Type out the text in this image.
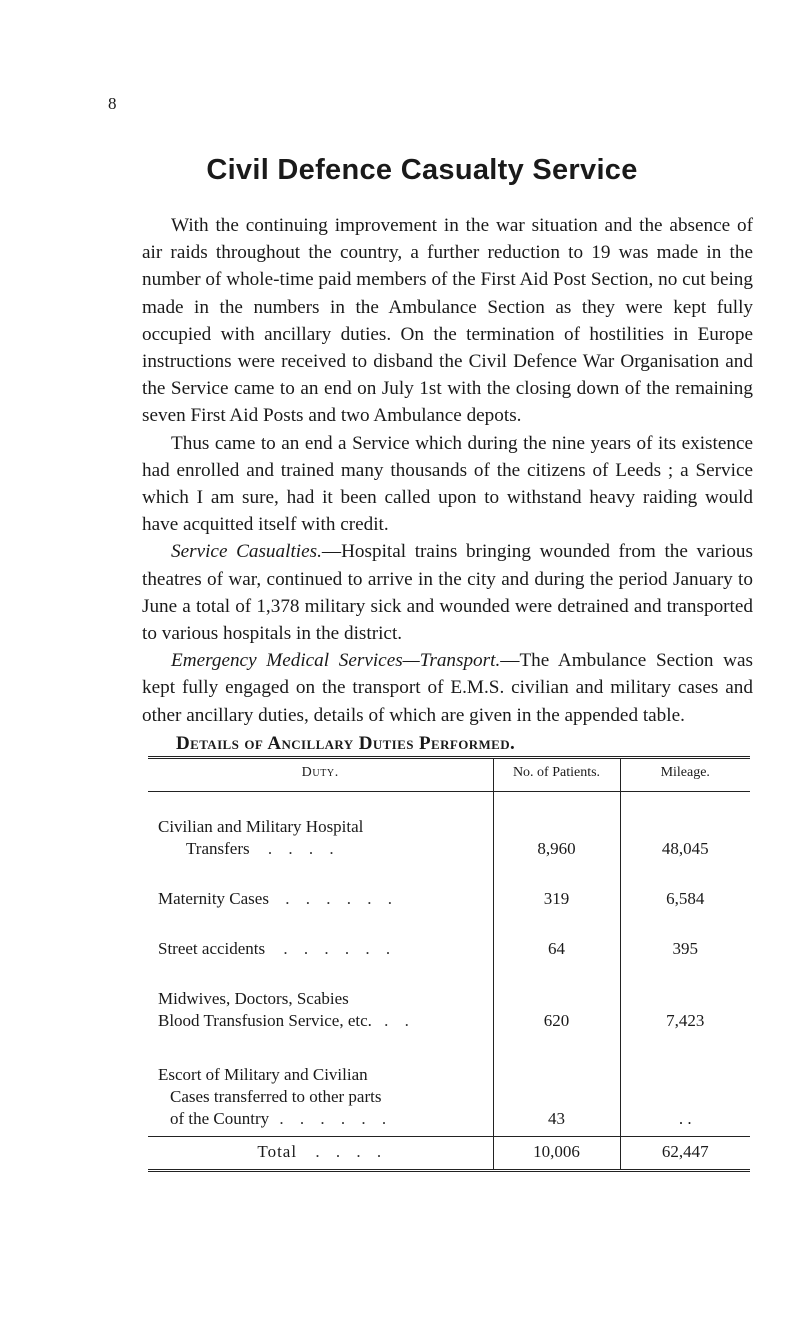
8
Civil Defence Casualty Service

With the continuing improvement in the war situation and the absence of air raids throughout the country, a further reduction to 19 was made in the number of whole-time paid members of the First Aid Post Section, no cut being made in the numbers in the Ambulance Section as they were kept fully occupied with ancillary duties. On the termination of hostilities in Europe instructions were received to disband the Civil Defence War Organisation and the Service came to an end on July 1st with the closing down of the remaining seven First Aid Posts and two Ambulance depots.

Thus came to an end a Service which during the nine years of its existence had enrolled and trained many thousands of the citizens of Leeds ; a Service which I am sure, had it been called upon to withstand heavy raiding would have acquitted itself with credit.

Service Casualties.—Hospital trains bringing wounded from the various theatres of war, continued to arrive in the city and during the period January to June a total of 1,378 military sick and wounded were detrained and transported to various hospitals in the district.

Emergency Medical Services—Transport.—The Ambulance Section was kept fully engaged on the transport of E.M.S. civilian and military cases and other ancillary duties, details of which are given in the appended table.

Details of Ancillary Duties Performed.
Duty.	No. of Patients.	Mileage.

Civilian and Military Hospital
Transfers . . . .	8,960	48,045
Maternity Cases . . . . . .	319	6,584
Street accidents . . . . . .	64	395

Midwives, Doctors, Scabies
Blood Transfusion Service, etc. . .	620	7,423

Escort of Military and Civilian
Cases transferred to other parts
of the Country . . . . . .	43	. .
Total . . . .	10,006	62,447
